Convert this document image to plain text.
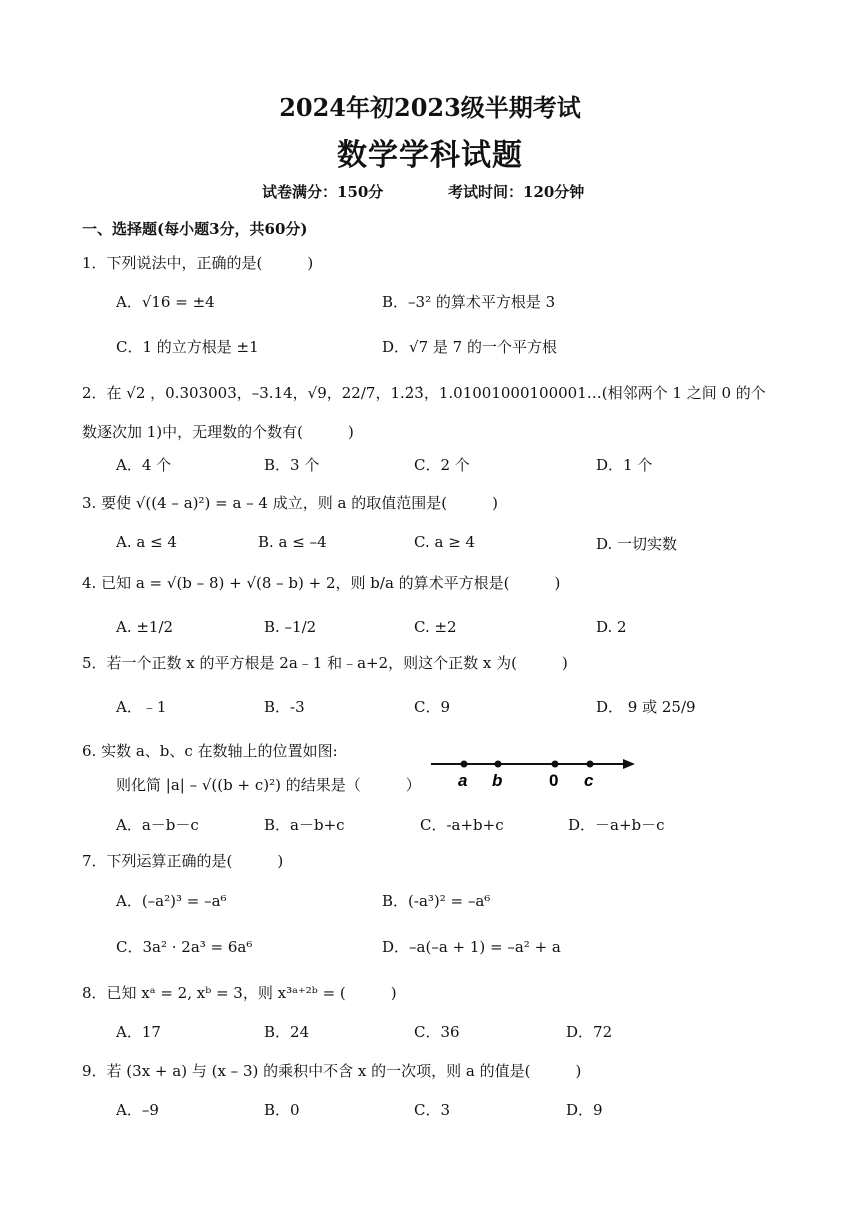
2024年初2023级半期考试
数学学科试题
试卷满分：150分	考试时间：120分钟
一、选择题(每小题3分，共60分)
1．下列说法中，正确的是(　　　)
A．√16 = ±4	B．–3² 的算术平方根是 3
C．1 的立方根是 ±1	D．√7 是 7 的一个平方根
2．在 √2 ，0.303003，–3.14，√9，22/7，1.2̇3̇，1.01001000100001…(相邻两个 1 之间 0 的个
数逐次加 1)中，无理数的个数有(　　　)
A．4 个	B．3 个	C．2 个	D．1 个
3. 要使 √((4 – a)²) = a – 4 成立，则 a 的取值范围是(　　　)
A. a ≤ 4	B. a ≤ –4	C. a ≥ 4	D. 一切实数
4. 已知 a = √(b – 8) + √(8 – b) + 2，则 b/a 的算术平方根是(　　　)
A. ±1/2	B. –1/2	C. ±2	D. 2
5．若一个正数 x 的平方根是 2a﹣1 和﹣a+2，则这个正数 x 为(　　　)
A．﹣1	B．-3	C．9	D． 9 或 25/9
6. 实数 a、b、c 在数轴上的位置如图:
则化简 |a| – √((b + c)²) 的结果是（　　　） a b	0 c
A．a－b－c	B．a－b+c	C．-a+b+c	D．－a+b－c
7．下列运算正确的是(　　　)
A．(–a²)³ = –a⁶	B．(-a³)² = –a⁶
C．3a² · 2a³ = 6a⁶	D．–a(–a + 1) = –a² + a
8．已知 xᵃ = 2, xᵇ = 3，则 x³ᵃ⁺²ᵇ = (　　　)
A．17	B．24	C．36	D．72
9．若 (3x + a) 与 (x – 3) 的乘积中不含 x 的一次项，则 a 的值是(　　　)
A．–9	B．0	C．3	D．9
